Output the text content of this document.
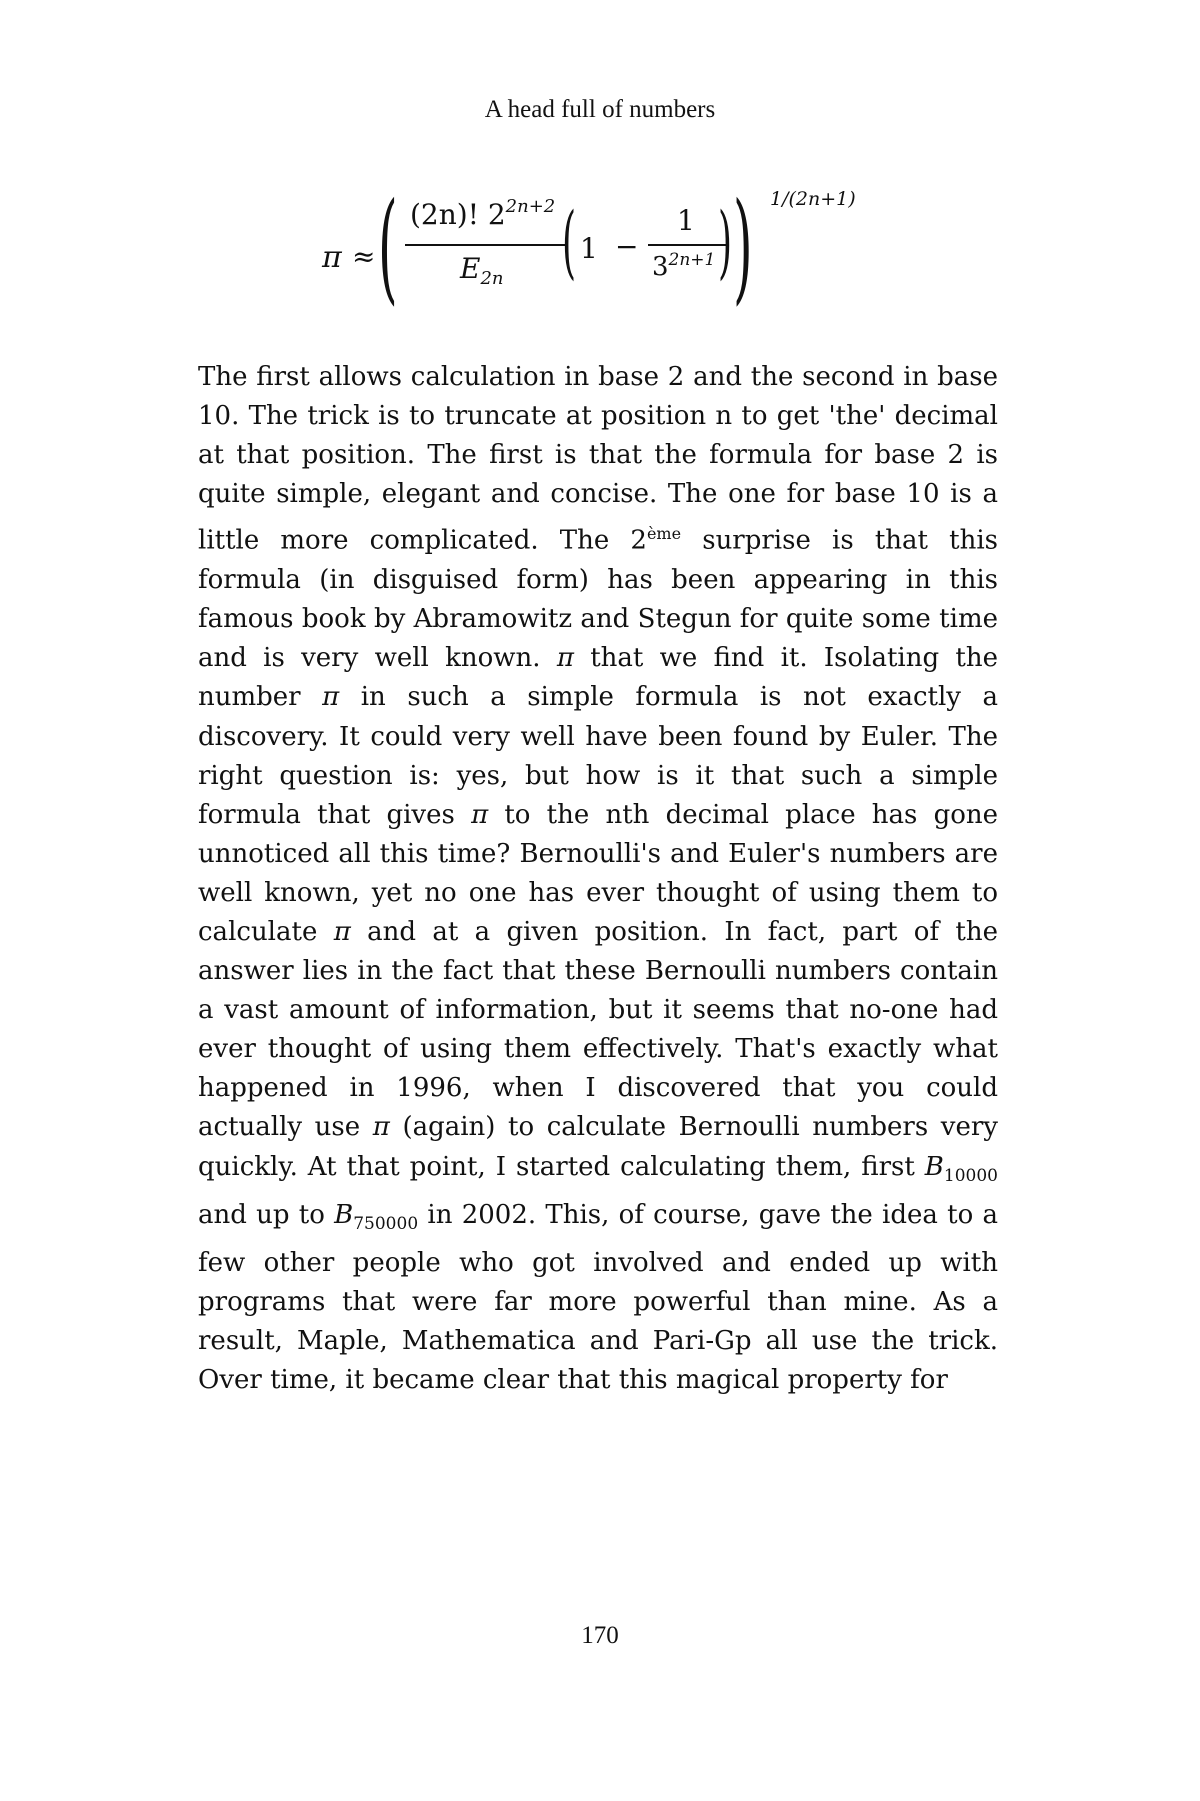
A head full of numbers
π ≈ ( (2n)! $2^{2n+2}$
$E_{2n}$ ( 1 −
1
$3^{2n+1}$ ) ) 1/(2n+1)

The first allows calculation in base 2 and the second in base 10. The trick is to truncate at position n to get 'the' decimal at that position. The first is that the formula for base 2 is quite simple, elegant and concise. The one for base 10 is a little more complicated. The 2ème surprise is that this formula (in disguised form) has been appearing in this famous book by Abramowitz and Stegun for quite some time and is very well known. π that we find it. Isolating the number π in such a simple formula is not exactly a discovery. It could very well have been found by Euler. The right question is: yes, but how is it that such a simple formula that gives π to the nth decimal place has gone unnoticed all this time? Bernoulli's and Euler's numbers are well known, yet no one has ever thought of using them to calculate π and at a given position. In fact, part of the answer lies in the fact that these Bernoulli numbers contain a vast amount of information, but it seems that no-one had ever thought of using them effectively. That's exactly what happened in 1996, when I discovered that you could actually use π (again) to calculate Bernoulli numbers very quickly. At that point, I started calculating them, first $B_{10000}$ and up to $B_{750000}$ in 2002. This, of course, gave the idea to a few other people who got involved and ended up with programs that were far more powerful than mine. As a result, Maple, Mathematica and Pari-Gp all use the trick. Over time, it became clear that this magical property for

170
